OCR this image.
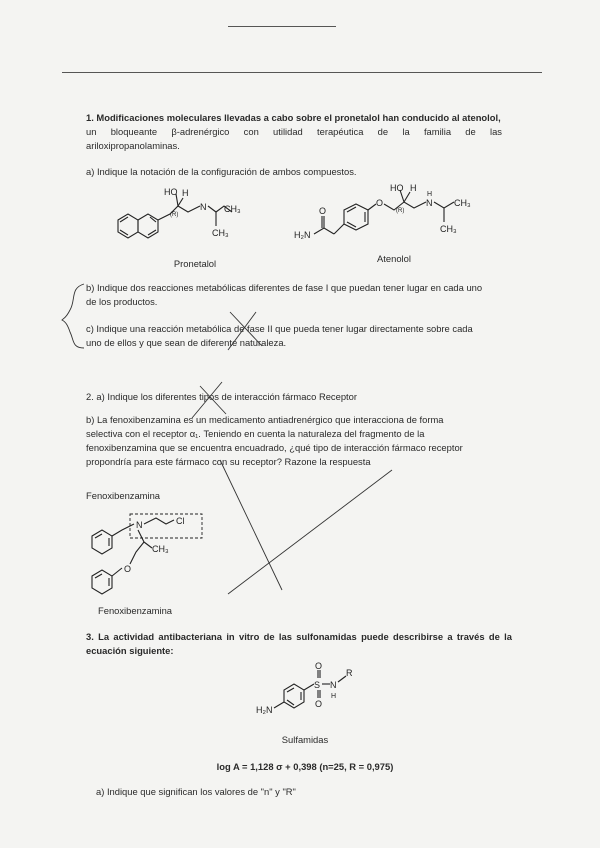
1. Modificaciones moleculares llevadas a cabo sobre el pronetalol han conducido al atenolol,
un bloqueante β-adrenérgico con utilidad terapéutica de la familia de las
ariloxipropanolaminas.
a) Indique la notación de la configuración de ambos compuestos.
HO H
(R)
N CH₃
CH₃
Pronetalol
H₂N
O
O
HO H
(R)
N
H
CH₃
CH₃
Atenolol
b) Indique dos reacciones metabólicas diferentes de fase I que puedan tener lugar en cada uno
de los productos.
c) Indique una reacción metabólica de fase II que pueda tener lugar directamente sobre cada
uno de ellos y que sean de diferente naturaleza.
2. a) Indique los diferentes tipos de interacción fármaco Receptor
b) La fenoxibenzamina es un medicamento antiadrenérgico que interacciona de forma
selectiva con el receptor α₁. Teniendo en cuenta la naturaleza del fragmento de la
fenoxibenzamina que se encuentra encuadrado, ¿qué tipo de interacción fármaco receptor
propondría para este fármaco con su receptor? Razone la respuesta
Fenoxibenzamina
N	Cl
CH₃
O
Fenoxibenzamina
3. La actividad antibacteriana in vitro de las sulfonamidas puede describirse a través de la
ecuación siguiente:
H₂N
S
O
O
N
H
R
Sulfamidas
log A = 1,128 σ + 0,398 (n=25, R = 0,975)
a) Indique que significan los valores de "n" y "R"
